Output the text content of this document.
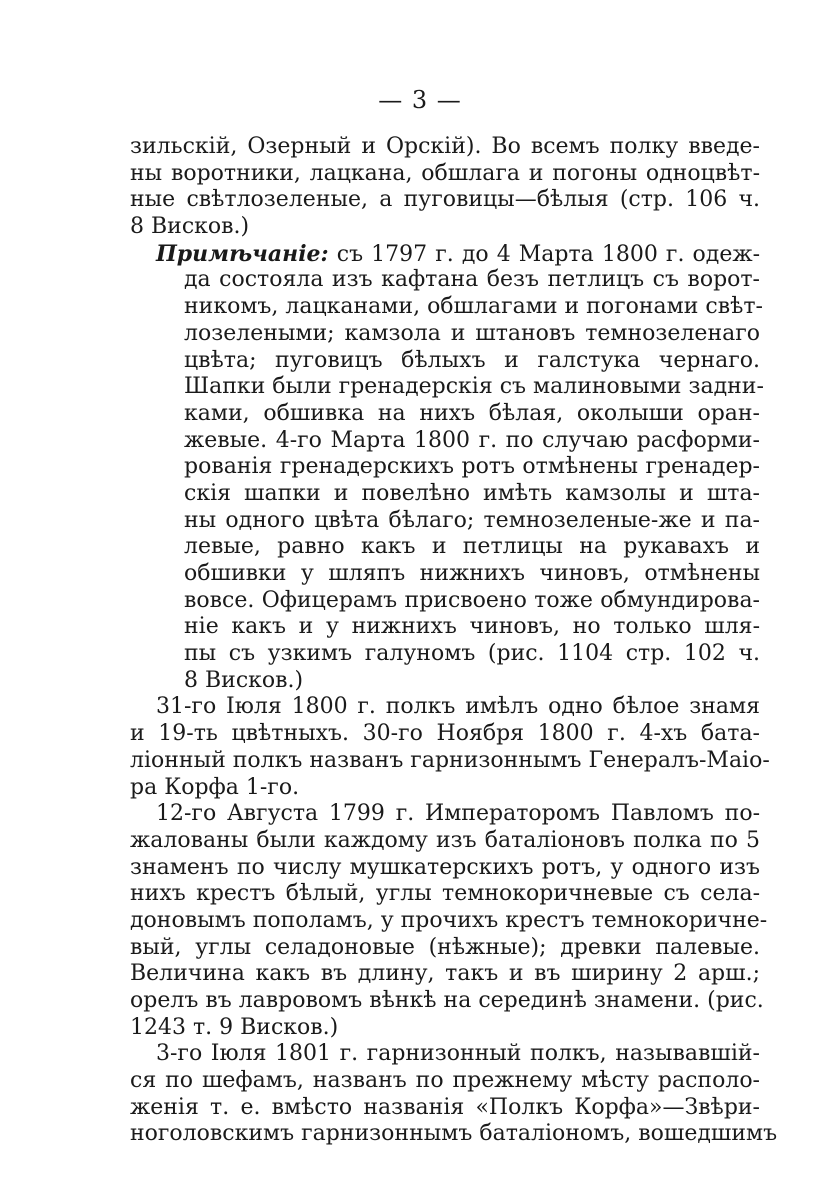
— 3 —
зильскій, Озерный и Орскій). Во всемъ полку введе-
ны воротники, лацкана, обшлага и погоны одноцвѣт-
ные свѣтлозеленые, а пуговицы—бѣлыя (стр. 106 ч.
8 Висков.)
Примѣчаніе: съ 1797 г. до 4 Марта 1800 г. одеж-
да состояла изъ кафтана безъ петлицъ съ ворот-
никомъ, лацканами, обшлагами и погонами свѣт-
лозелеными; камзола и штановъ темнозеленаго
цвѣта; пуговицъ бѣлыхъ и галстука чернаго.
Шапки были гренадерскія съ малиновыми задни-
ками, обшивка на нихъ бѣлая, околыши оран-
жевые. 4-го Марта 1800 г. по случаю расформи-
рованія гренадерскихъ ротъ отмѣнены гренадер-
скія шапки и повелѣно имѣть камзолы и шта-
ны одного цвѣта бѣлаго; темнозеленые-же и па-
левые, равно какъ и петлицы на рукавахъ и
обшивки у шляпъ нижнихъ чиновъ, отмѣнены
вовсе. Офицерамъ присвоено тоже обмундирова-
ніе какъ и у нижнихъ чиновъ, но только шля-
пы съ узкимъ галуномъ (рис. 1104 стр. 102 ч.
8 Висков.)
31-го Іюля 1800 г. полкъ имѣлъ одно бѣлое знамя
и 19-ть цвѣтныхъ. 30-го Ноября 1800 г. 4-хъ бата-
ліонный полкъ названъ гарнизоннымъ Генералъ-Маіо-
ра Корфа 1-го.
12-го Августа 1799 г. Императоромъ Павломъ по-
жалованы были каждому изъ баталіоновъ полка по 5
знаменъ по числу мушкатерскихъ ротъ, у одного изъ
нихъ крестъ бѣлый, углы темнокоричневые съ села-
доновымъ пополамъ, у прочихъ крестъ темнокоричне-
вый, углы селадоновые (нѣжные); древки палевые.
Величина какъ въ длину, такъ и въ ширину 2 арш.;
орелъ въ лавровомъ вѣнкѣ на серединѣ знамени. (рис.
1243 т. 9 Висков.)
3-го Іюля 1801 г. гарнизонный полкъ, называвшій-
ся по шефамъ, названъ по прежнему мѣсту располо-
женія т. е. вмѣсто названія «Полкъ Корфа»—Звѣри-
ноголовскимъ гарнизоннымъ баталіономъ, вошедшимъ
